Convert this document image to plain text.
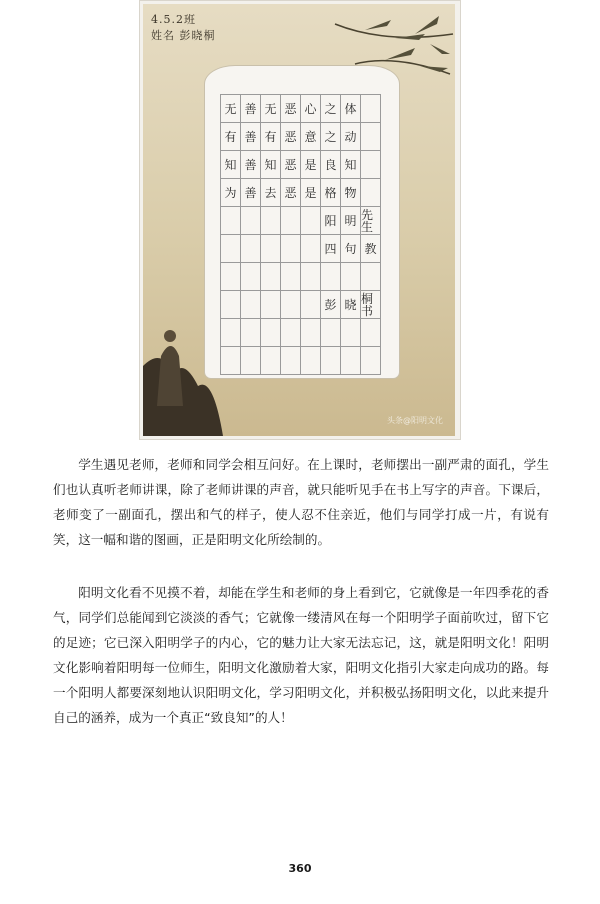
4.5.2班
姓名 彭晓桐
无 善 无 恶 心 之 体
有 善 有 恶 意 之 动
知 善 知 恶 是 良 知
为 善 去 恶 是 格 物
阳 明 先生
四 句 教
彭 晓 桐书
头条@阳明文化

学生遇见老师，老师和同学会相互问好。在上课时，老师摆出一副严肃的面孔，学生们也认真听老师讲课，除了老师讲课的声音，就只能听见手在书上写字的声音。下课后，老师变了一副面孔，摆出和气的样子，使人忍不住亲近，他们与同学打成一片，有说有笑，这一幅和谐的图画，正是阳明文化所绘制的。

阳明文化看不见摸不着，却能在学生和老师的身上看到它，它就像是一年四季花的香气，同学们总能闻到它淡淡的香气；它就像一缕清风在每一个阳明学子面前吹过，留下它的足迹；它已深入阳明学子的内心，它的魅力让大家无法忘记，这，就是阳明文化！阳明文化影响着阳明每一位师生，阳明文化激励着大家，阳明文化指引大家走向成功的路。每一个阳明人都要深刻地认识阳明文化，学习阳明文化，并积极弘扬阳明文化，以此来提升自己的涵养，成为一个真正“致良知”的人！

360
